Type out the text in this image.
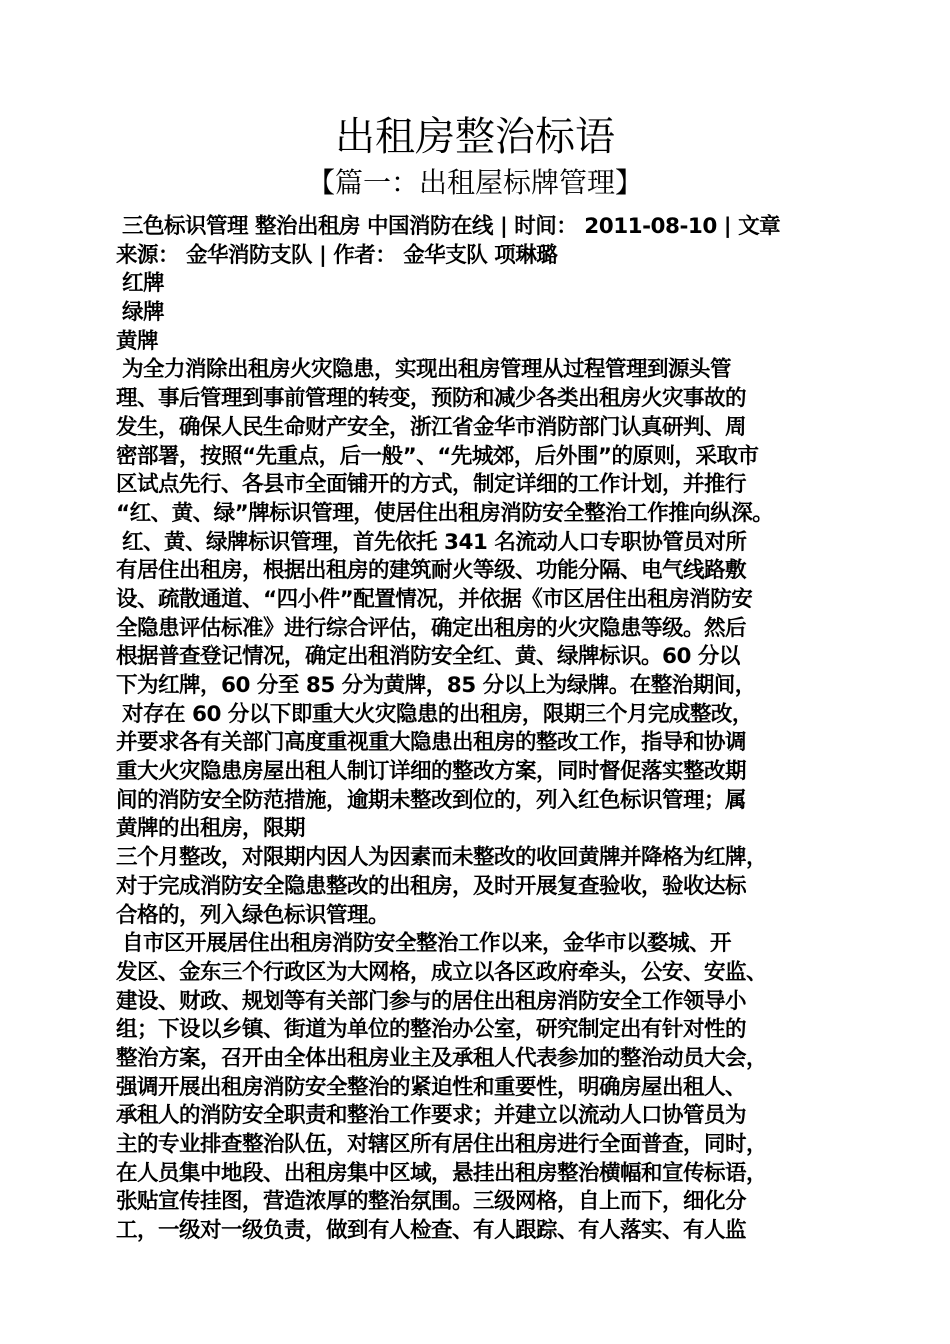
出租房整治标语
【篇一：出租屋标牌管理】
三色标识管理 整治出租房 中国消防在线 | 时间： 2011-08-10 | 文章
来源： 金华消防支队 | 作者： 金华支队 项琳璐
红牌
绿牌
黄牌
为全力消除出租房火灾隐患，实现出租房管理从过程管理到源头管
理、事后管理到事前管理的转变，预防和减少各类出租房火灾事故的
发生，确保人民生命财产安全，浙江省金华市消防部门认真研判、周
密部署，按照“先重点，后一般”、“先城郊，后外围”的原则，采取市
区试点先行、各县市全面铺开的方式，制定详细的工作计划，并推行
“红、黄、绿”牌标识管理，使居住出租房消防安全整治工作推向纵深。
红、黄、绿牌标识管理，首先依托 341 名流动人口专职协管员对所
有居住出租房，根据出租房的建筑耐火等级、功能分隔、电气线路敷
设、疏散通道、“四小件”配置情况，并依据《市区居住出租房消防安
全隐患评估标准》进行综合评估，确定出租房的火灾隐患等级。然后
根据普查登记情况，确定出租消防安全红、黄、绿牌标识。60 分以
下为红牌，60 分至 85 分为黄牌，85 分以上为绿牌。在整治期间，
对存在 60 分以下即重大火灾隐患的出租房，限期三个月完成整改，
并要求各有关部门高度重视重大隐患出租房的整改工作，指导和协调
重大火灾隐患房屋出租人制订详细的整改方案，同时督促落实整改期
间的消防安全防范措施，逾期未整改到位的，列入红色标识管理；属
黄牌的出租房，限期
三个月整改，对限期内因人为因素而未整改的收回黄牌并降格为红牌，
对于完成消防安全隐患整改的出租房，及时开展复查验收，验收达标
合格的，列入绿色标识管理。
自市区开展居住出租房消防安全整治工作以来，金华市以婺城、开
发区、金东三个行政区为大网格，成立以各区政府牵头，公安、安监、
建设、财政、规划等有关部门参与的居住出租房消防安全工作领导小
组；下设以乡镇、街道为单位的整治办公室，研究制定出有针对性的
整治方案，召开由全体出租房业主及承租人代表参加的整治动员大会，
强调开展出租房消防安全整治的紧迫性和重要性，明确房屋出租人、
承租人的消防安全职责和整治工作要求；并建立以流动人口协管员为
主的专业排查整治队伍，对辖区所有居住出租房进行全面普查，同时，
在人员集中地段、出租房集中区域，悬挂出租房整治横幅和宣传标语，
张贴宣传挂图，营造浓厚的整治氛围。三级网格，自上而下，细化分
工，一级对一级负责，做到有人检查、有人跟踪、有人落实、有人监
